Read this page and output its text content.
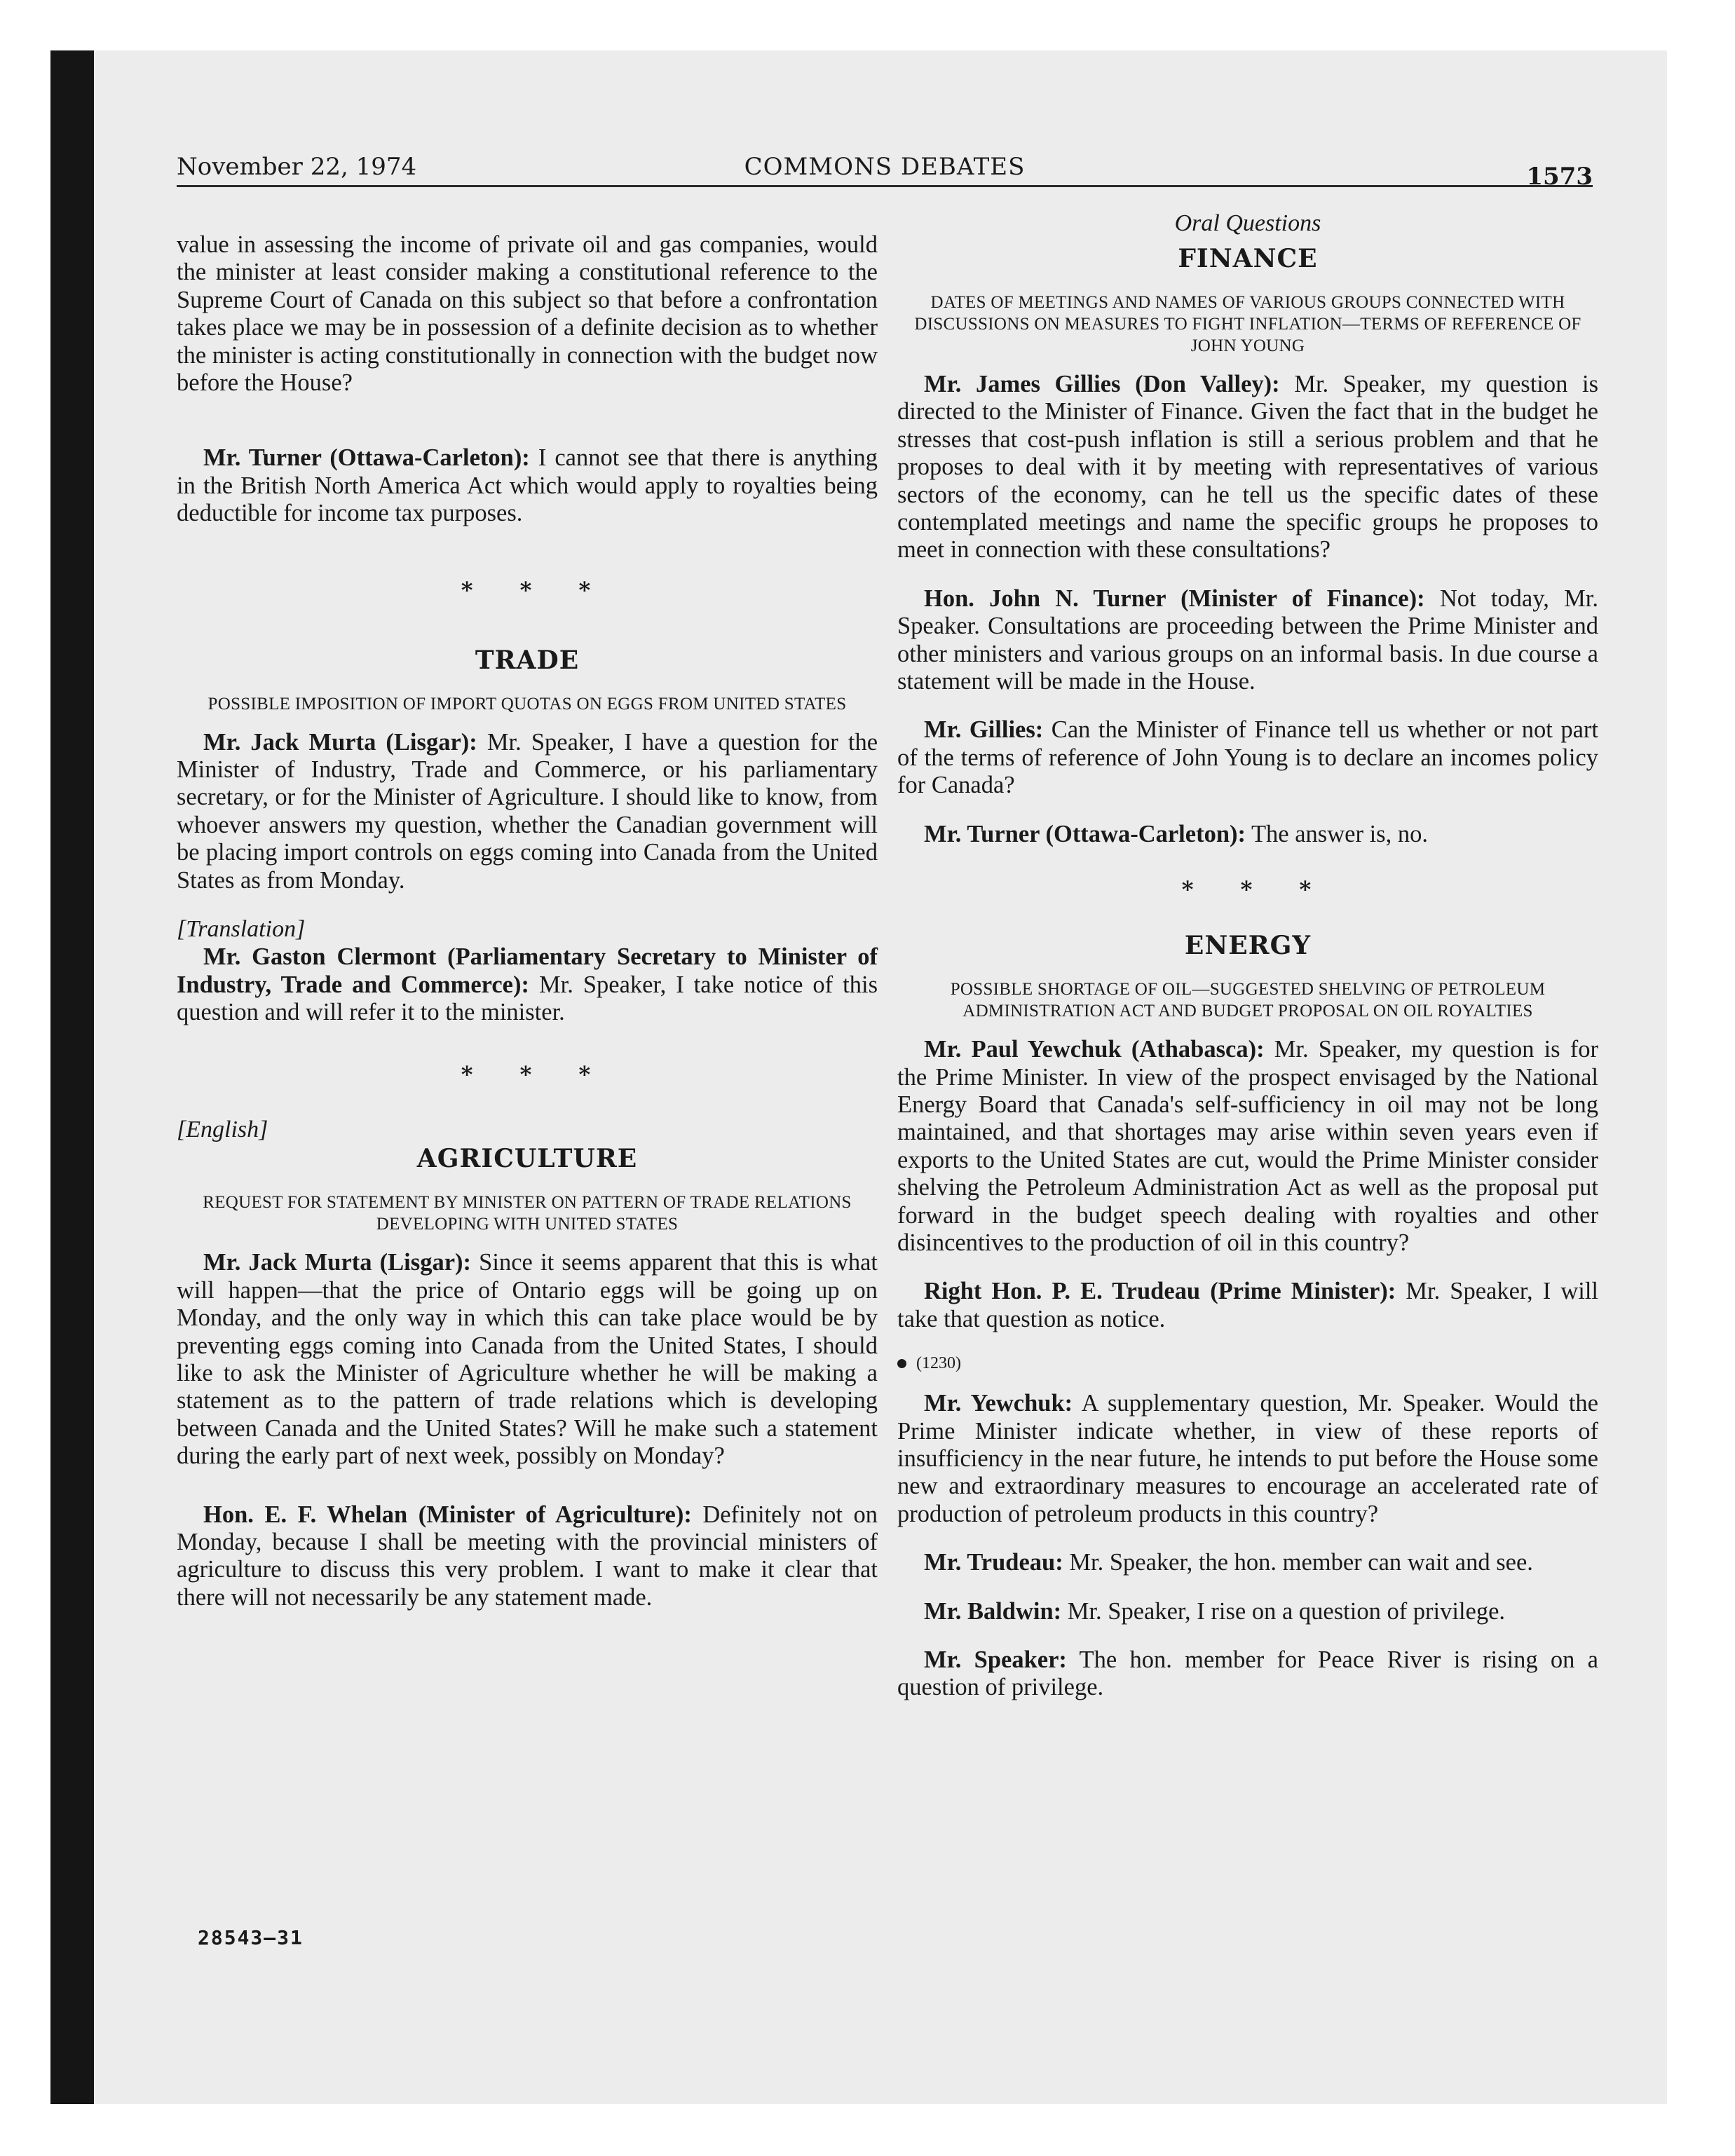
November 22, 1974	COMMONS DEBATES	1573

value in assessing the income of private oil and gas companies, would the minister at least consider making a constitutional reference to the Supreme Court of Canada on this subject so that before a confrontation takes place we may be in possession of a definite decision as to whether the minister is acting constitutionally in connection with the budget now before the House?

Mr. Turner (Ottawa-Carleton): I cannot see that there is anything in the British North America Act which would apply to royalties being deductible for income tax purposes.

* * *
TRADE
POSSIBLE IMPOSITION OF IMPORT QUOTAS ON EGGS FROM UNITED STATES

Mr. Jack Murta (Lisgar): Mr. Speaker, I have a question for the Minister of Industry, Trade and Commerce, or his parliamentary secretary, or for the Minister of Agriculture. I should like to know, from whoever answers my question, whether the Canadian government will be placing import controls on eggs coming into Canada from the United States as from Monday.

[Translation]

Mr. Gaston Clermont (Parliamentary Secretary to Minister of Industry, Trade and Commerce): Mr. Speaker, I take notice of this question and will refer it to the minister.

* * *

[English]

AGRICULTURE
REQUEST FOR STATEMENT BY MINISTER ON PATTERN OF TRADE RELATIONS DEVELOPING WITH UNITED STATES

Mr. Jack Murta (Lisgar): Since it seems apparent that this is what will happen—that the price of Ontario eggs will be going up on Monday, and the only way in which this can take place would be by preventing eggs coming into Canada from the United States, I should like to ask the Minister of Agriculture whether he will be making a statement as to the pattern of trade relations which is developing between Canada and the United States? Will he make such a statement during the early part of next week, possibly on Monday?

Hon. E. F. Whelan (Minister of Agriculture): Definitely not on Monday, because I shall be meeting with the provincial ministers of agriculture to discuss this very problem. I want to make it clear that there will not necessarily be any statement made.

Oral Questions
FINANCE
DATES OF MEETINGS AND NAMES OF VARIOUS GROUPS CONNECTED WITH DISCUSSIONS ON MEASURES TO FIGHT INFLATION—TERMS OF REFERENCE OF JOHN YOUNG

Mr. James Gillies (Don Valley): Mr. Speaker, my question is directed to the Minister of Finance. Given the fact that in the budget he stresses that cost-push inflation is still a serious problem and that he proposes to deal with it by meeting with representatives of various sectors of the economy, can he tell us the specific dates of these contemplated meetings and name the specific groups he proposes to meet in connection with these consultations?

Hon. John N. Turner (Minister of Finance): Not today, Mr. Speaker. Consultations are proceeding between the Prime Minister and other ministers and various groups on an informal basis. In due course a statement will be made in the House.

Mr. Gillies: Can the Minister of Finance tell us whether or not part of the terms of reference of John Young is to declare an incomes policy for Canada?

Mr. Turner (Ottawa-Carleton): The answer is, no.

* * *
ENERGY
POSSIBLE SHORTAGE OF OIL—SUGGESTED SHELVING OF PETROLEUM ADMINISTRATION ACT AND BUDGET PROPOSAL ON OIL ROYALTIES

Mr. Paul Yewchuk (Athabasca): Mr. Speaker, my question is for the Prime Minister. In view of the prospect envisaged by the National Energy Board that Canada's self-sufficiency in oil may not be long maintained, and that shortages may arise within seven years even if exports to the United States are cut, would the Prime Minister consider shelving the Petroleum Administration Act as well as the proposal put forward in the budget speech dealing with royalties and other disincentives to the production of oil in this country?

Right Hon. P. E. Trudeau (Prime Minister): Mr. Speaker, I will take that question as notice.

(1230)

Mr. Yewchuk: A supplementary question, Mr. Speaker. Would the Prime Minister indicate whether, in view of these reports of insufficiency in the near future, he intends to put before the House some new and extraordinary measures to encourage an accelerated rate of production of petroleum products in this country?

Mr. Trudeau: Mr. Speaker, the hon. member can wait and see.

Mr. Baldwin: Mr. Speaker, I rise on a question of privilege.

Mr. Speaker: The hon. member for Peace River is rising on a question of privilege.

28543—31
